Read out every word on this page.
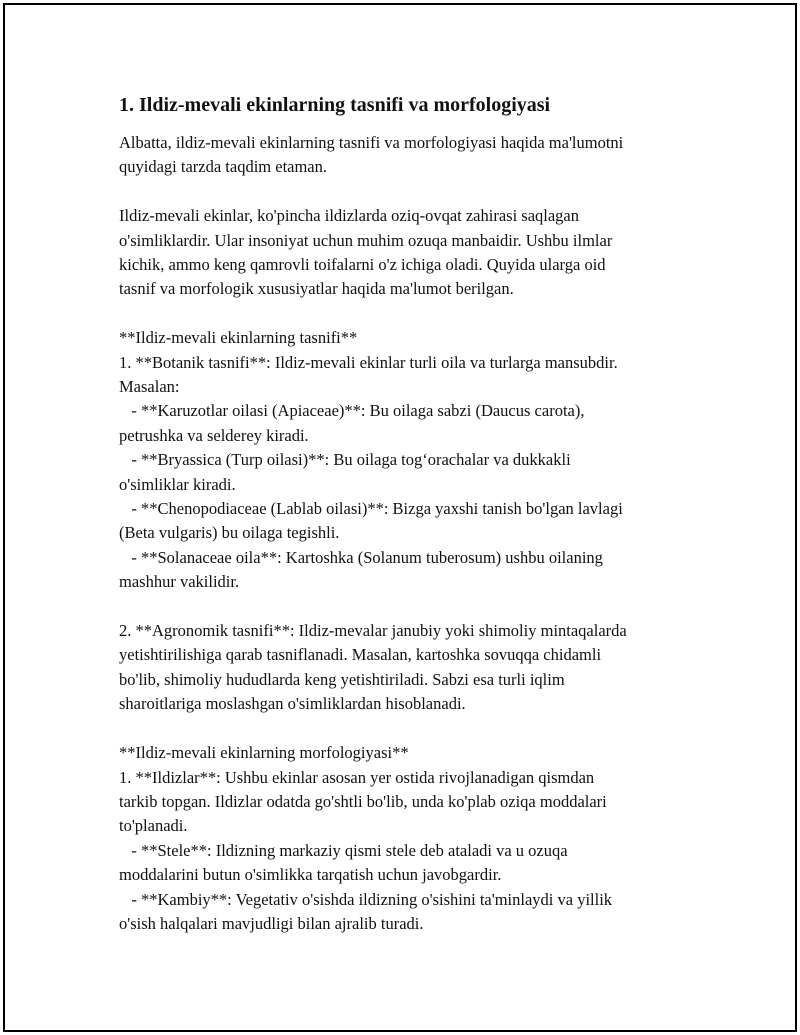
1. Ildiz-mevali ekinlarning tasnifi va morfologiyasi
Albatta, ildiz-mevali ekinlarning tasnifi va morfologiyasi haqida ma'lumotni
quyidagi tarzda taqdim etaman.
Ildiz-mevali ekinlar, ko'pincha ildizlarda oziq-ovqat zahirasi saqlagan
o'simliklardir. Ular insoniyat uchun muhim ozuqa manbaidir. Ushbu ilmlar
kichik, ammo keng qamrovli toifalarni o'z ichiga oladi. Quyida ularga oid
tasnif va morfologik xususiyatlar haqida ma'lumot berilgan.
**Ildiz-mevali ekinlarning tasnifi**
1. **Botanik tasnifi**: Ildiz-mevali ekinlar turli oila va turlarga mansubdir.
Masalan:
- **Karuzotlar oilasi (Apiaceae)**: Bu oilaga sabzi (Daucus carota),
petrushka va selderey kiradi.
- **Bryassica (Turp oilasi)**: Bu oilaga tog‘orachalar va dukkakli
o'simliklar kiradi.
- **Chenopodiaceae (Lablab oilasi)**: Bizga yaxshi tanish bo'lgan lavlagi
(Beta vulgaris) bu oilaga tegishli.
- **Solanaceae oila**: Kartoshka (Solanum tuberosum) ushbu oilaning
mashhur vakilidir.
2. **Agronomik tasnifi**: Ildiz-mevalar janubiy yoki shimoliy mintaqalarda
yetishtirilishiga qarab tasniflanadi. Masalan, kartoshka sovuqqa chidamli
bo'lib, shimoliy hududlarda keng yetishtiriladi. Sabzi esa turli iqlim
sharoitlariga moslashgan o'simliklardan hisoblanadi.
**Ildiz-mevali ekinlarning morfologiyasi**
1. **Ildizlar**: Ushbu ekinlar asosan yer ostida rivojlanadigan qismdan
tarkib topgan. Ildizlar odatda go'shtli bo'lib, unda ko'plab oziqa moddalari
to'planadi.
- **Stele**: Ildizning markaziy qismi stele deb ataladi va u ozuqa
moddalarini butun o'simlikka tarqatish uchun javobgardir.
- **Kambiy**: Vegetativ o'sishda ildizning o'sishini ta'minlaydi va yillik
o'sish halqalari mavjudligi bilan ajralib turadi.
